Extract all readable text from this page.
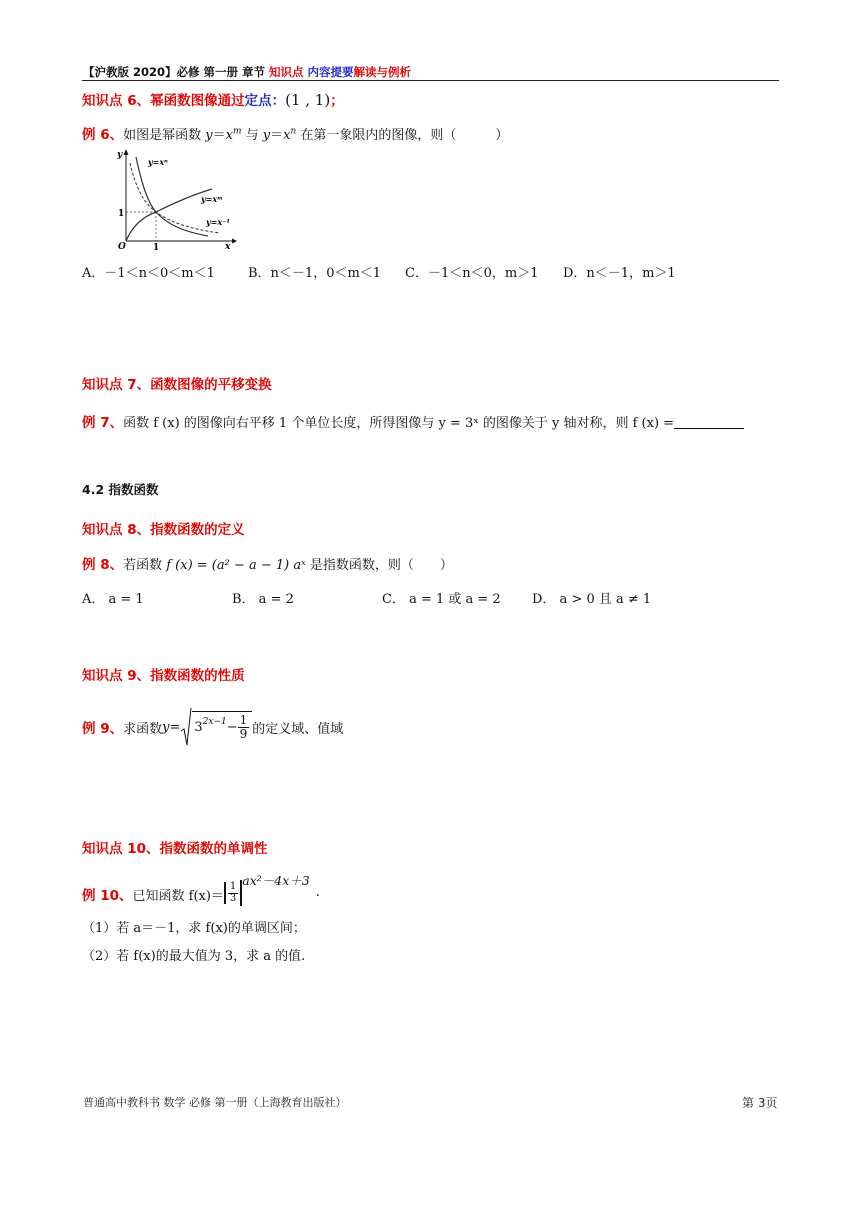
【沪教版 2020】必修 第一册 章节 知识点 内容提要解读与例析
知识点 6、幂函数图像通过定点：(1 , 1)；
例 6、如图是幂函数 $y=x^m$ 与 $y=x^n$ 在第一象限内的图像，则（　　　）
y
x
O	1
1
y=xⁿ
y=xᵐ
y=x⁻¹
A．－1＜n＜0＜m＜1	B．n＜－1，0＜m＜1 C．－1＜n＜0，m＞1 D．n＜－1，m＞1
知识点 7、函数图像的平移变换
例 7、函数 f (x) 的图像向右平移 1 个单位长度，所得图像与 y = 3ˣ 的图像关于 y 轴对称，则 f (x) =
4.2 指数函数
知识点 8、指数函数的定义
例 8、若函数 f (x) = (a² − a − 1) aˣ 是指数函数，则（　　）
A． a = 1	B． a = 2	C． a = 1 或 a = 2 D． a > 0 且 a ≠ 1
知识点 9、指数函数的性质
例 9、 求函数 $y = 3^{2x-1} - \frac{1}{9}$ 的定义域、值域
知识点 10、指数函数的单调性
例 10、 已知函数 $f(x)= \frac{1}{3}$
ax²－4x＋3
.
（1）若 a＝－1，求 f(x)的单调区间；
（2）若 f(x)的最大值为 3，求 a 的值.
普通高中教科书 数学 必修 第一册（上海教育出版社）	第 3页
